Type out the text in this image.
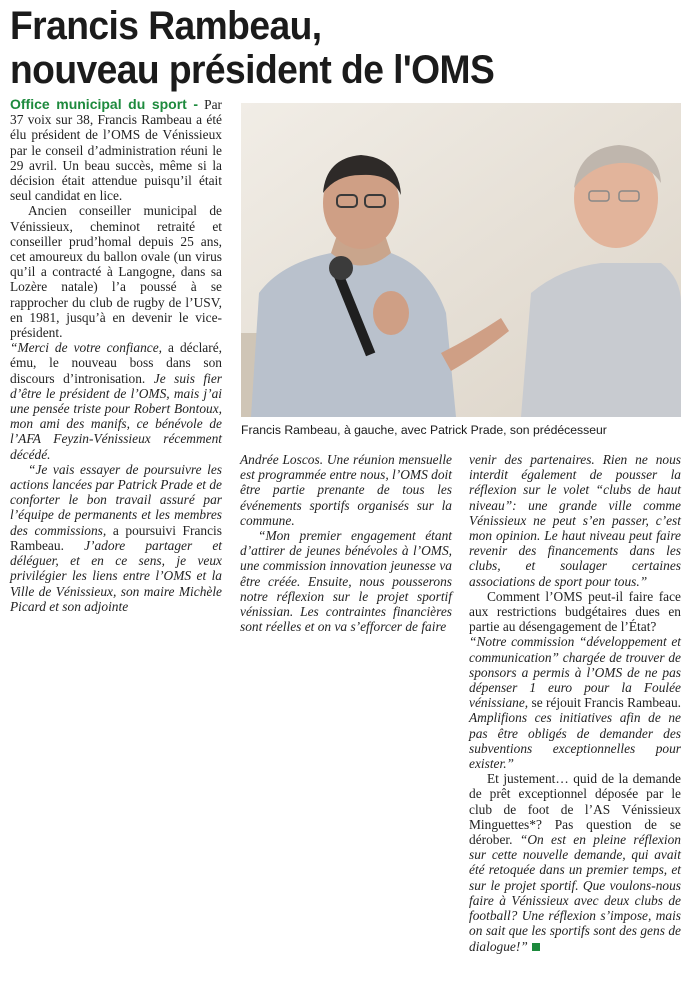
Francis Rambeau,
nouveau président de l'OMS

Office municipal du sport - Par 37 voix sur 38, Francis Rambeau a été élu président de l’OMS de Vénissieux par le conseil d’administration réuni le 29 avril. Un beau succès, même si la décision était attendue puisqu’il était seul candidat en lice.

Ancien conseiller municipal de Vénissieux, cheminot retraité et conseiller prud’homal depuis 25 ans, cet amoureux du ballon ovale (un virus qu’il a contracté à Langogne, dans sa Lozère natale) l’a poussé à se rapprocher du club de rugby de l’USV, en 1981, jusqu’à en devenir le vice-président.

“Merci de votre confiance, a déclaré, ému, le nouveau boss dans son discours d’intronisation. Je suis fier d’être le président de l’OMS, mais j’ai une pensée triste pour Robert Bontoux, mon ami des manifs, ce bénévole de l’AFA Feyzin-Vénissieux récemment décédé.

“Je vais essayer de poursuivre les actions lancées par Patrick Prade et de conforter le bon travail assuré par l’équipe de permanents et les membres des commissions, a poursuivi Francis Rambeau. J’adore partager et déléguer, et en ce sens, je veux privilégier les liens entre l’OMS et la Ville de Vénissieux, son maire Michèle Picard et son adjointe

Francis Rambeau, à gauche, avec Patrick Prade, son prédécesseur

Andrée Loscos. Une réunion mensuelle est programmée entre nous, l’OMS doit être partie prenante de tous les événements sportifs organisés sur la commune.

“Mon premier engagement étant d’attirer de jeunes bénévoles à l’OMS, une commission innovation jeunesse va être créée. Ensuite, nous pousserons notre réflexion sur le projet sportif vénissian. Les contraintes financières sont réelles et on va s’efforcer de faire

venir des partenaires. Rien ne nous interdit également de pousser la réflexion sur le volet “clubs de haut niveau”: une grande ville comme Vénissieux ne peut s’en passer, c’est mon opinion. Le haut niveau peut faire revenir des financements dans les clubs, et soulager certaines associations de sport pour tous.”

Comment l’OMS peut-il faire face aux restrictions budgétaires dues en partie au désengagement de l’État?

“Notre commission “développement et communication” chargée de trouver de sponsors a permis à l’OMS de ne pas dépenser 1 euro pour la Foulée vénissiane, se réjouit Francis Rambeau. Amplifions ces initiatives afin de ne pas être obligés de demander des subventions exceptionnelles pour exister.”

Et justement… quid de la demande de prêt exceptionnel déposée par le club de foot de l’AS Vénissieux Minguettes*? Pas question de se dérober. “On est en pleine réflexion sur cette nouvelle demande, qui avait été retoquée dans un premier temps, et sur le projet sportif. Que voulons-nous faire à Vénissieux avec deux clubs de football? Une réflexion s’impose, mais on sait que les sportifs sont des gens de dialogue!”
